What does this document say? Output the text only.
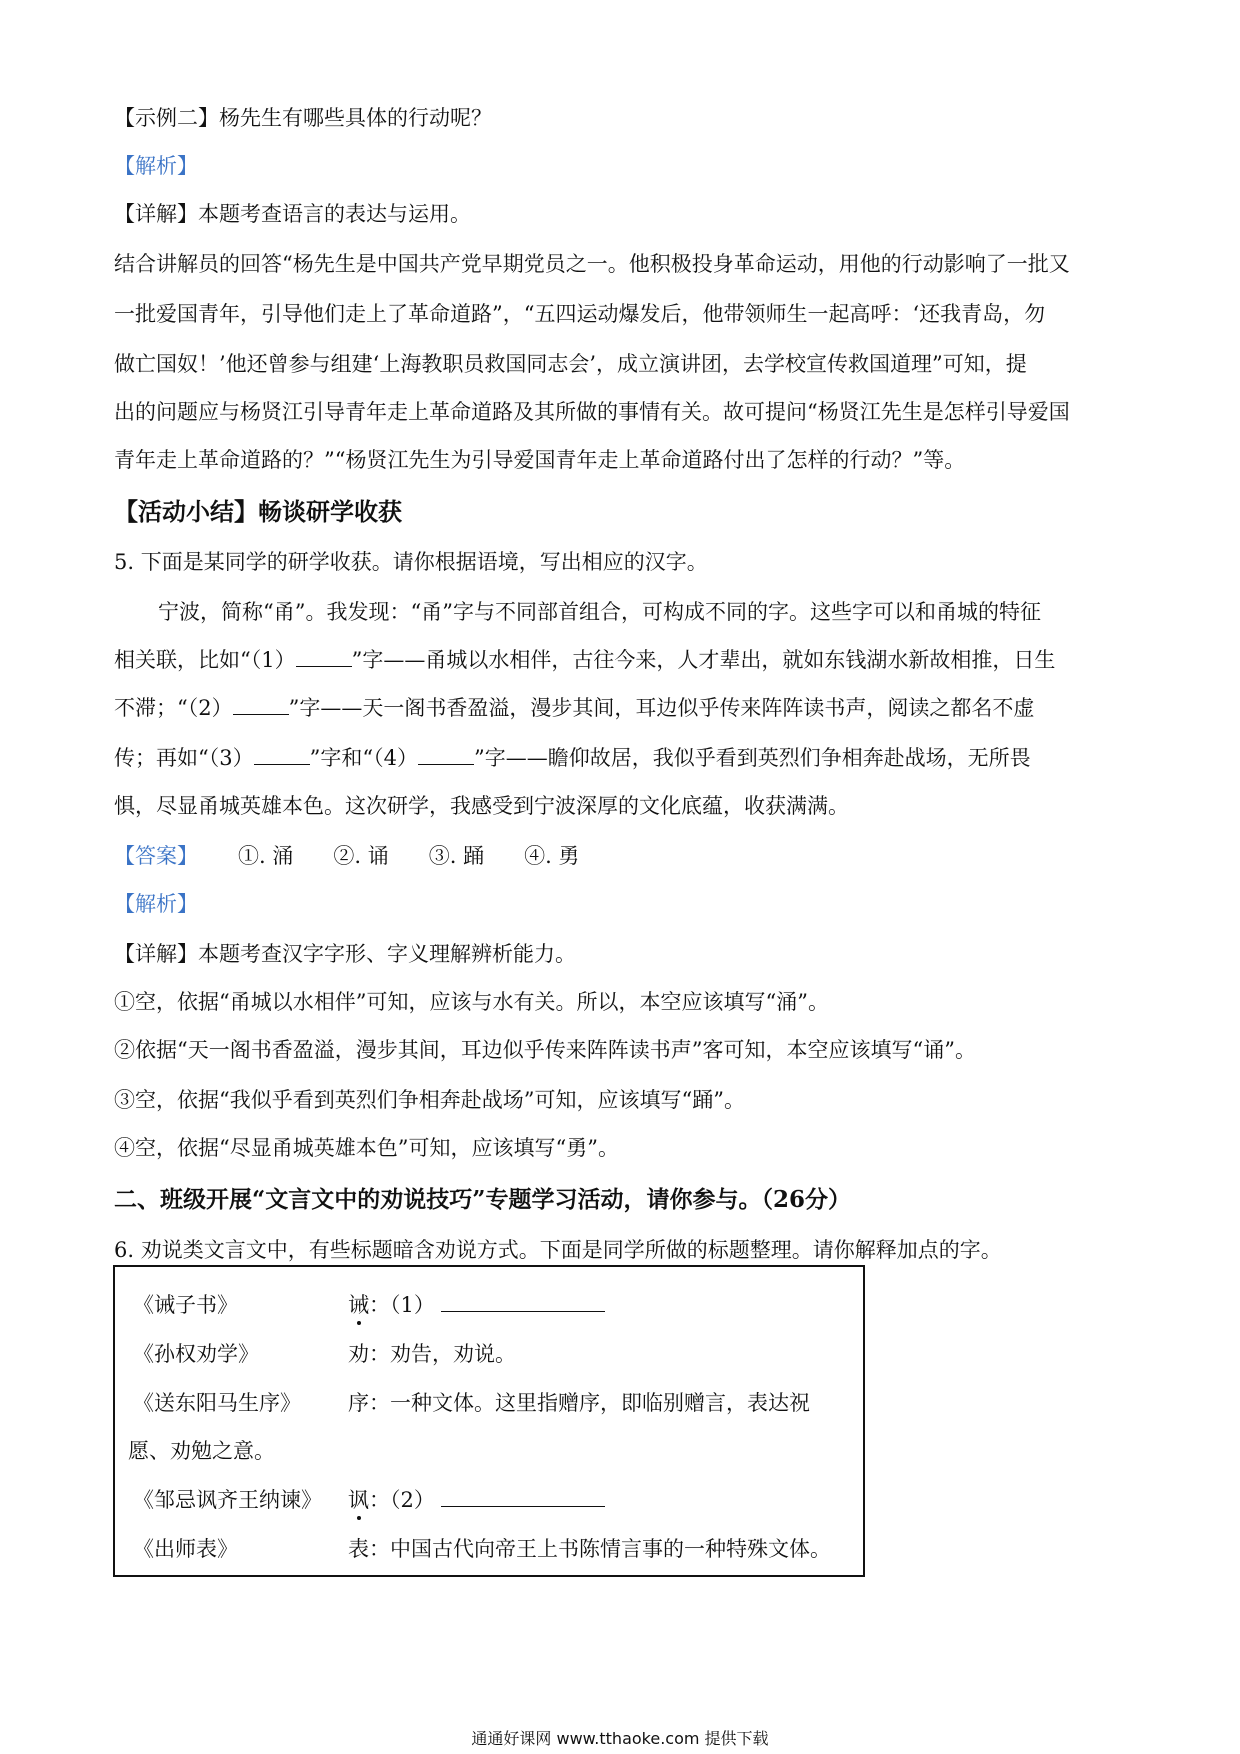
【示例二】杨先生有哪些具体的行动呢？
【解析】
【详解】本题考查语言的表达与运用。
结合讲解员的回答“杨先生是中国共产党早期党员之一。他积极投身革命运动，用他的行动影响了一批又
一批爱国青年，引导他们走上了革命道路”，“五四运动爆发后，他带领师生一起高呼：‘还我青岛，勿
做亡国奴！’他还曾参与组建‘上海教职员救国同志会’，成立演讲团，去学校宣传救国道理”可知，提
出的问题应与杨贤江引导青年走上革命道路及其所做的事情有关。故可提问“杨贤江先生是怎样引导爱国
青年走上革命道路的？”“杨贤江先生为引导爱国青年走上革命道路付出了怎样的行动？”等。
【活动小结】畅谈研学收获
5. 下面是某同学的研学收获。请你根据语境，写出相应的汉字。
宁波，简称“甬”。我发现：“甬”字与不同部首组合，可构成不同的字。这些字可以和甬城的特征
相关联，比如“（1）	”字——甬城以水相伴，古往今来，人才辈出，就如东钱湖水新故相推，日生
不滞；“（2）	”字——天一阁书香盈溢，漫步其间，耳边似乎传来阵阵读书声，阅读之都名不虚
传；再如“（3）	”字和“（4）	”字——瞻仰故居，我似乎看到英烈们争相奔赴战场，无所畏
惧，尽显甬城英雄本色。这次研学，我感受到宁波深厚的文化底蕴，收获满满。
【答案】 ①. 涌 ②. 诵 ③. 踊 ④. 勇
【解析】
【详解】本题考查汉字字形、字义理解辨析能力。
①空，依据“甬城以水相伴”可知，应该与水有关。所以，本空应该填写“涌”。
②依据“天一阁书香盈溢，漫步其间，耳边似乎传来阵阵读书声”客可知，本空应该填写“诵”。
③空，依据“我似乎看到英烈们争相奔赴战场”可知，应该填写“踊”。
④空，依据“尽显甬城英雄本色”可知，应该填写“勇”。
二、班级开展“文言文中的劝说技巧”专题学习活动，请你参与。（26分）
6. 劝说类文言文中，有些标题暗含劝说方式。下面是同学所做的标题整理。请你解释加点的字。
《诫子书》	诫：（1）
《孙权劝学》	劝：劝告，劝说。
《送东阳马生序》 序：一种文体。这里指赠序，即临别赠言，表达祝
愿、劝勉之意。
《邹忌讽齐王纳谏》 讽：（2）
《出师表》	表：中国古代向帝王上书陈情言事的一种特殊文体。
通通好课网 www.tthaoke.com 提供下载
